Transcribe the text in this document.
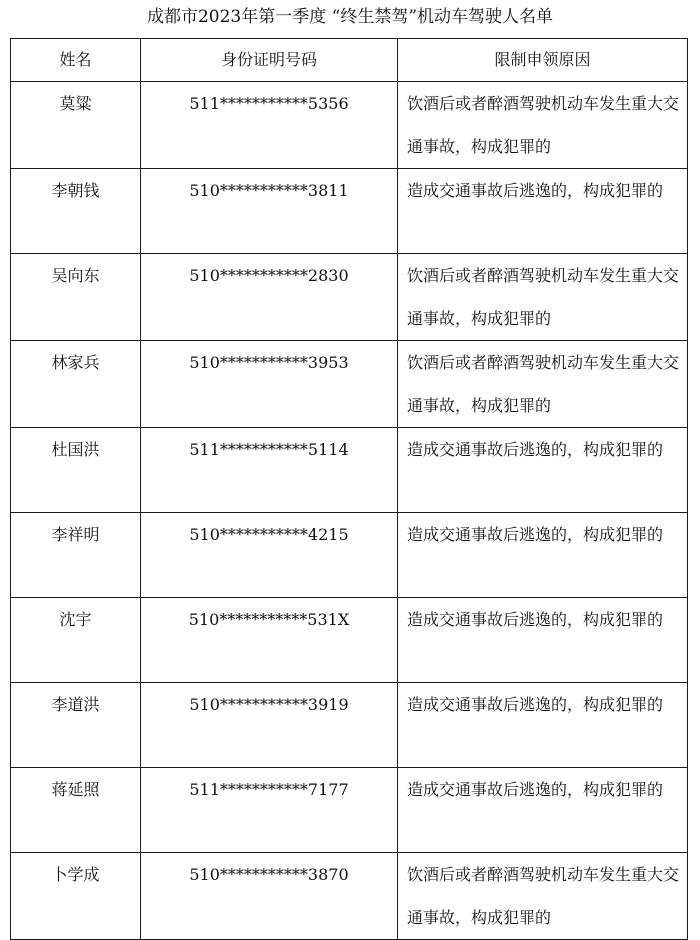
成都市2023年第一季度 “终生禁驾”机动车驾驶人名单
姓名	身份证明号码	限制申领原因
莫粱	511***********5356	饮酒后或者醉酒驾驶机动车发生重大交通事故，构成犯罪的
李朝钱	510***********3811	造成交通事故后逃逸的，构成犯罪的
吴向东	510***********2830	饮酒后或者醉酒驾驶机动车发生重大交通事故，构成犯罪的
林家兵	510***********3953	饮酒后或者醉酒驾驶机动车发生重大交通事故，构成犯罪的
杜国洪	511***********5114	造成交通事故后逃逸的，构成犯罪的
李祥明	510***********4215	造成交通事故后逃逸的，构成犯罪的
沈宇	510***********531X	造成交通事故后逃逸的，构成犯罪的
李道洪	510***********3919	造成交通事故后逃逸的，构成犯罪的
蒋延照	511***********7177	造成交通事故后逃逸的，构成犯罪的
卜学成	510***********3870	饮酒后或者醉酒驾驶机动车发生重大交通事故，构成犯罪的
